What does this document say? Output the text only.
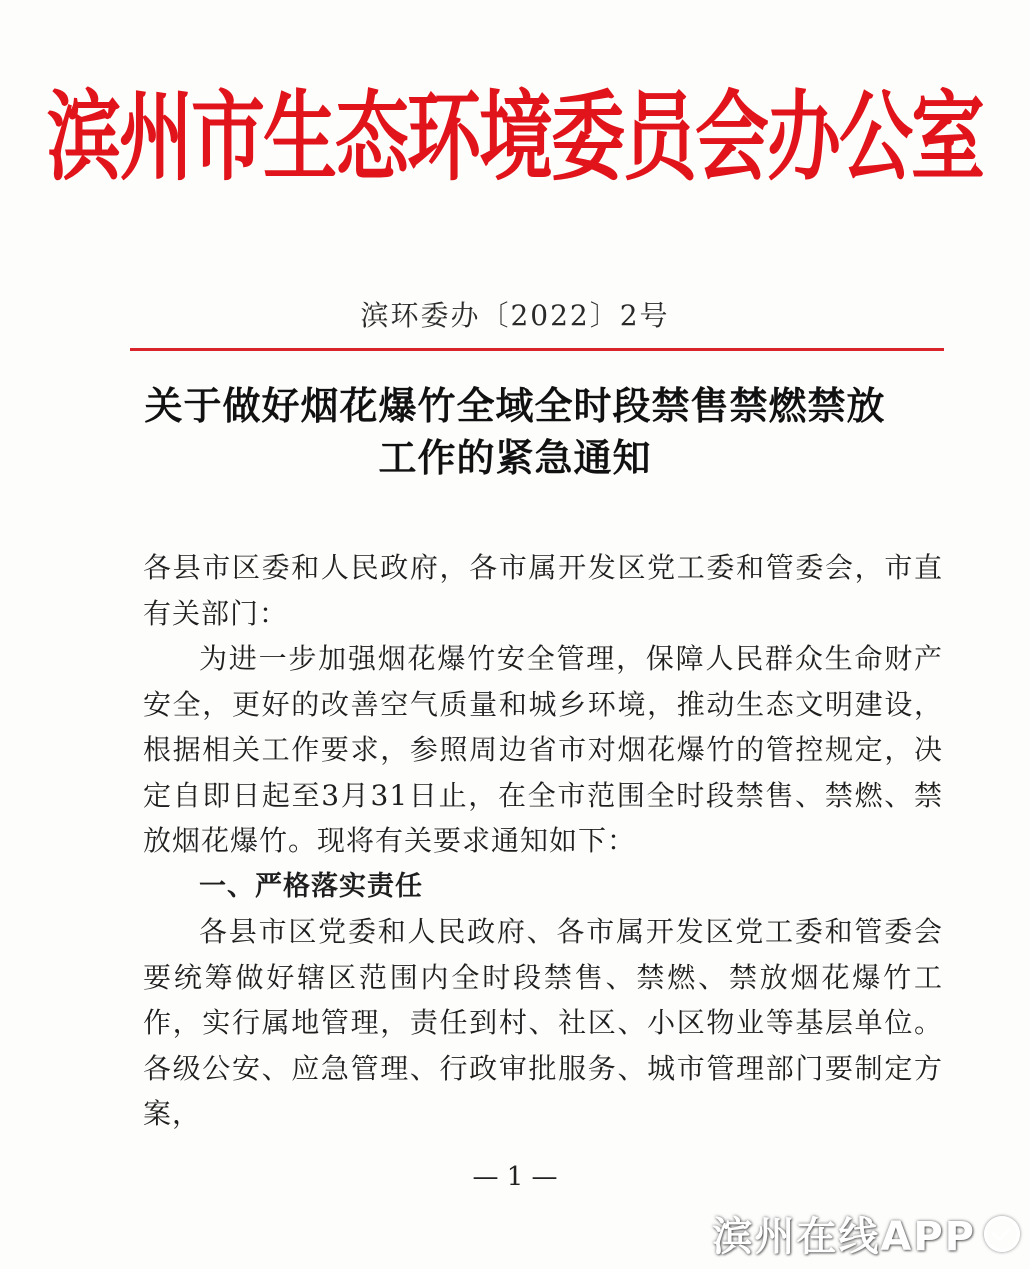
滨州市生态环境委员会办公室
滨环委办〔2022〕2号
关于做好烟花爆竹全域全时段禁售禁燃禁放
工作的紧急通知

各县市区委和人民政府，各市属开发区党工委和管委会，市直有关部门：

为进一步加强烟花爆竹安全管理，保障人民群众生命财产安全，更好的改善空气质量和城乡环境，推动生态文明建设，根据相关工作要求，参照周边省市对烟花爆竹的管控规定，决定自即日起至3月31日止，在全市范围全时段禁售、禁燃、禁放烟花爆竹。现将有关要求通知如下：

一、严格落实责任

各县市区党委和人民政府、各市属开发区党工委和管委会要统筹做好辖区范围内全时段禁售、禁燃、禁放烟花爆竹工作，实行属地管理，责任到村、社区、小区物业等基层单位。各级公安、应急管理、行政审批服务、城市管理部门要制定方案，

— 1 —
滨州在线APP
